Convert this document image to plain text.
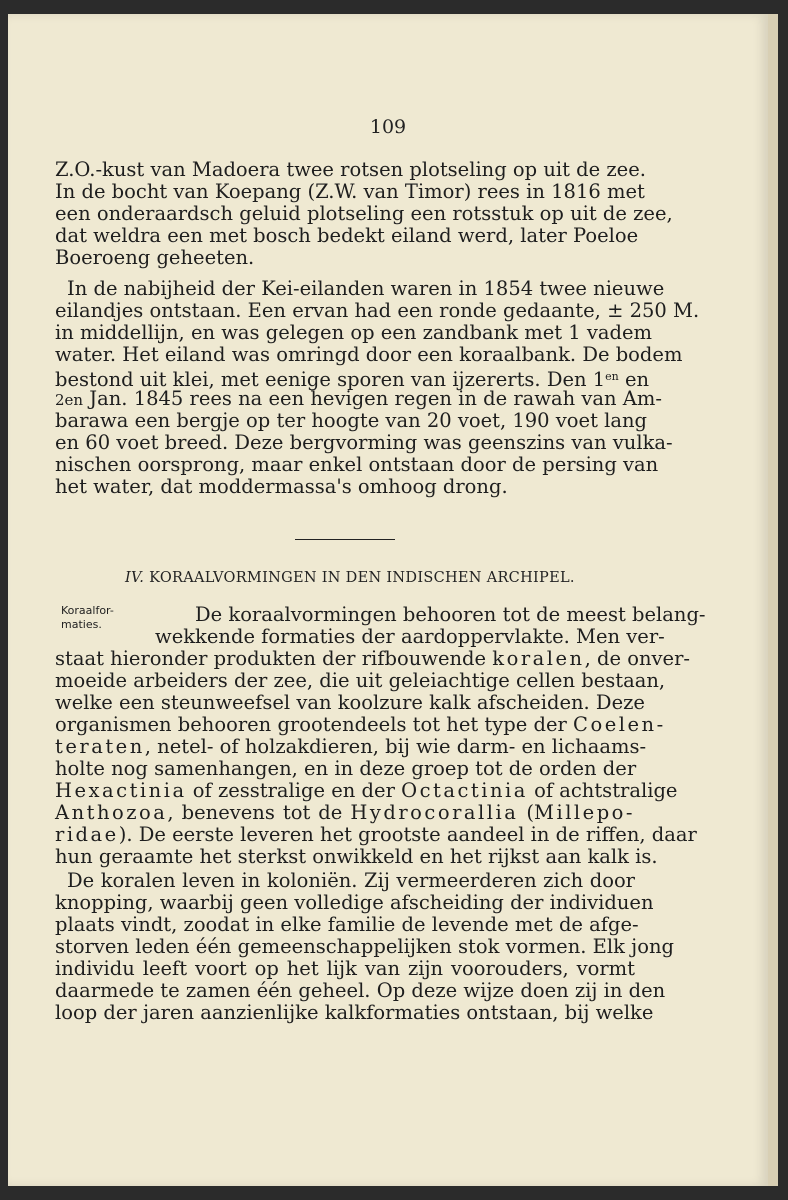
109
Z.O.-kust van Madoera twee rotsen plotseling op uit de zee.
In de bocht van Koepang (Z.W. van Timor) rees in 1816 met
een onderaardsch geluid plotseling een rotsstuk op uit de zee,
dat weldra een met bosch bedekt eiland werd, later Poeloe
Boeroeng geheeten.
In de nabijheid der Kei-eilanden waren in 1854 twee nieuwe
eilandjes ontstaan. Een ervan had een ronde gedaante, ± 250 M.
in middellijn, en was gelegen op een zandbank met 1 vadem
water. Het eiland was omringd door een koraalbank. De bodem
bestond uit klei, met eenige sporen van ijzererts. Den $1^{en}$ en
2en Jan. 1845 rees na een hevigen regen in de rawah van Am-
barawa een bergje op ter hoogte van 20 voet, 190 voet lang
en 60 voet breed. Deze bergvorming was geenszins van vulka-
nischen oorsprong, maar enkel ontstaan door de persing van
het water, dat moddermassa's omhoog drong.
IV. KORAALVORMINGEN IN DEN INDISCHEN ARCHIPEL.
Koraalfor-
maties.	De koraalvormingen behooren tot de meest belang-
wekkende formaties der aardoppervlakte. Men ver-
staat hieronder produkten der rifbouwende koralen, de onver-
moeide arbeiders der zee, die uit geleiachtige cellen bestaan,
welke een steunweefsel van koolzure kalk afscheiden. Deze
organismen behooren grootendeels tot het type der Coelen-
teraten, netel- of holzakdieren, bij wie darm- en lichaams-
holte nog samenhangen, en in deze groep tot de orden der
Hexactinia of zesstralige en der Octactinia of achtstralige
Anthozoa, benevens tot de Hydrocorallia (Millepo-
ridae). De eerste leveren het grootste aandeel in de riffen, daar
hun geraamte het sterkst onwikkeld en het rijkst aan kalk is.
De koralen leven in koloniën. Zij vermeerderen zich door
knopping, waarbij geen volledige afscheiding der individuen
plaats vindt, zoodat in elke familie de levende met de afge-
storven leden één gemeenschappelijken stok vormen. Elk jong
individu leeft voort op het lijk van zijn voorouders, vormt
daarmede te zamen één geheel. Op deze wijze doen zij in den
loop der jaren aanzienlijke kalkformaties ontstaan, bij welke
